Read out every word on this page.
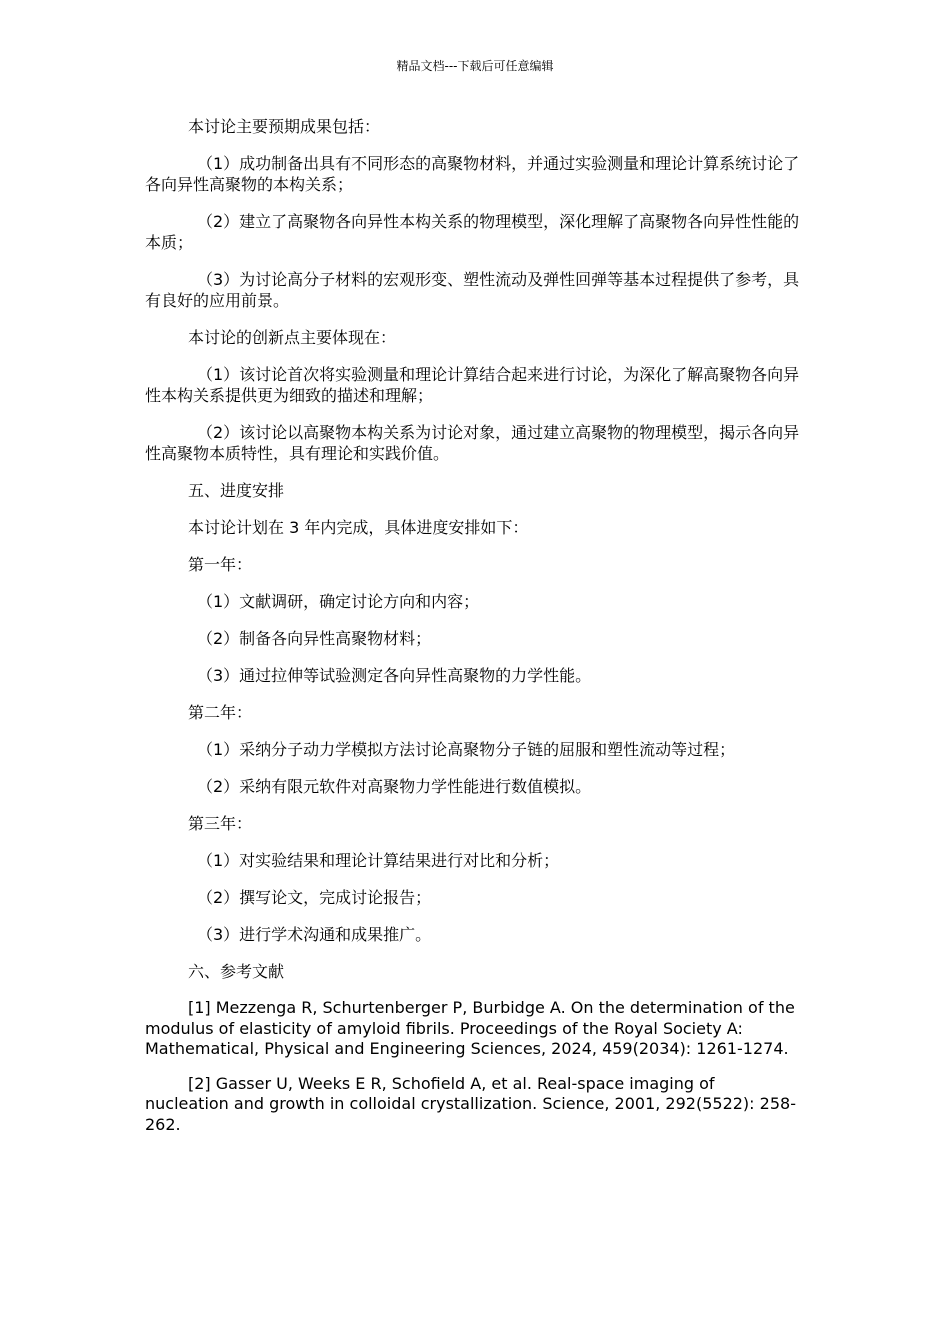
精品文档---下载后可任意编辑
本讨论主要预期成果包括：
（1）成功制备出具有不同形态的高聚物材料，并通过实验测量和理论计算系统讨论了各向异性高聚物的本构关系；
（2）建立了高聚物各向异性本构关系的物理模型，深化理解了高聚物各向异性性能的本质；
（3）为讨论高分子材料的宏观形变、塑性流动及弹性回弹等基本过程提供了参考，具有良好的应用前景。
本讨论的创新点主要体现在：
（1）该讨论首次将实验测量和理论计算结合起来进行讨论，为深化了解高聚物各向异性本构关系提供更为细致的描述和理解；
（2）该讨论以高聚物本构关系为讨论对象，通过建立高聚物的物理模型，揭示各向异性高聚物本质特性，具有理论和实践价值。
五、进度安排
本讨论计划在 3 年内完成，具体进度安排如下：
第一年：
（1）文献调研，确定讨论方向和内容；
（2）制备各向异性高聚物材料；
（3）通过拉伸等试验测定各向异性高聚物的力学性能。
第二年：
（1）采纳分子动力学模拟方法讨论高聚物分子链的屈服和塑性流动等过程；
（2）采纳有限元软件对高聚物力学性能进行数值模拟。
第三年：
（1）对实验结果和理论计算结果进行对比和分析；
（2）撰写论文，完成讨论报告；
（3）进行学术沟通和成果推广。
六、参考文献
[1] Mezzenga R, Schurtenberger P, Burbidge A. On the determination of the modulus of elasticity of amyloid fibrils. Proceedings of the Royal Society A: Mathematical, Physical and Engineering Sciences, 2024, 459(2034): 1261-1274.
[2] Gasser U, Weeks E R, Schofield A, et al. Real-space imaging of nucleation and growth in colloidal crystallization. Science, 2001, 292(5522): 258-262.
